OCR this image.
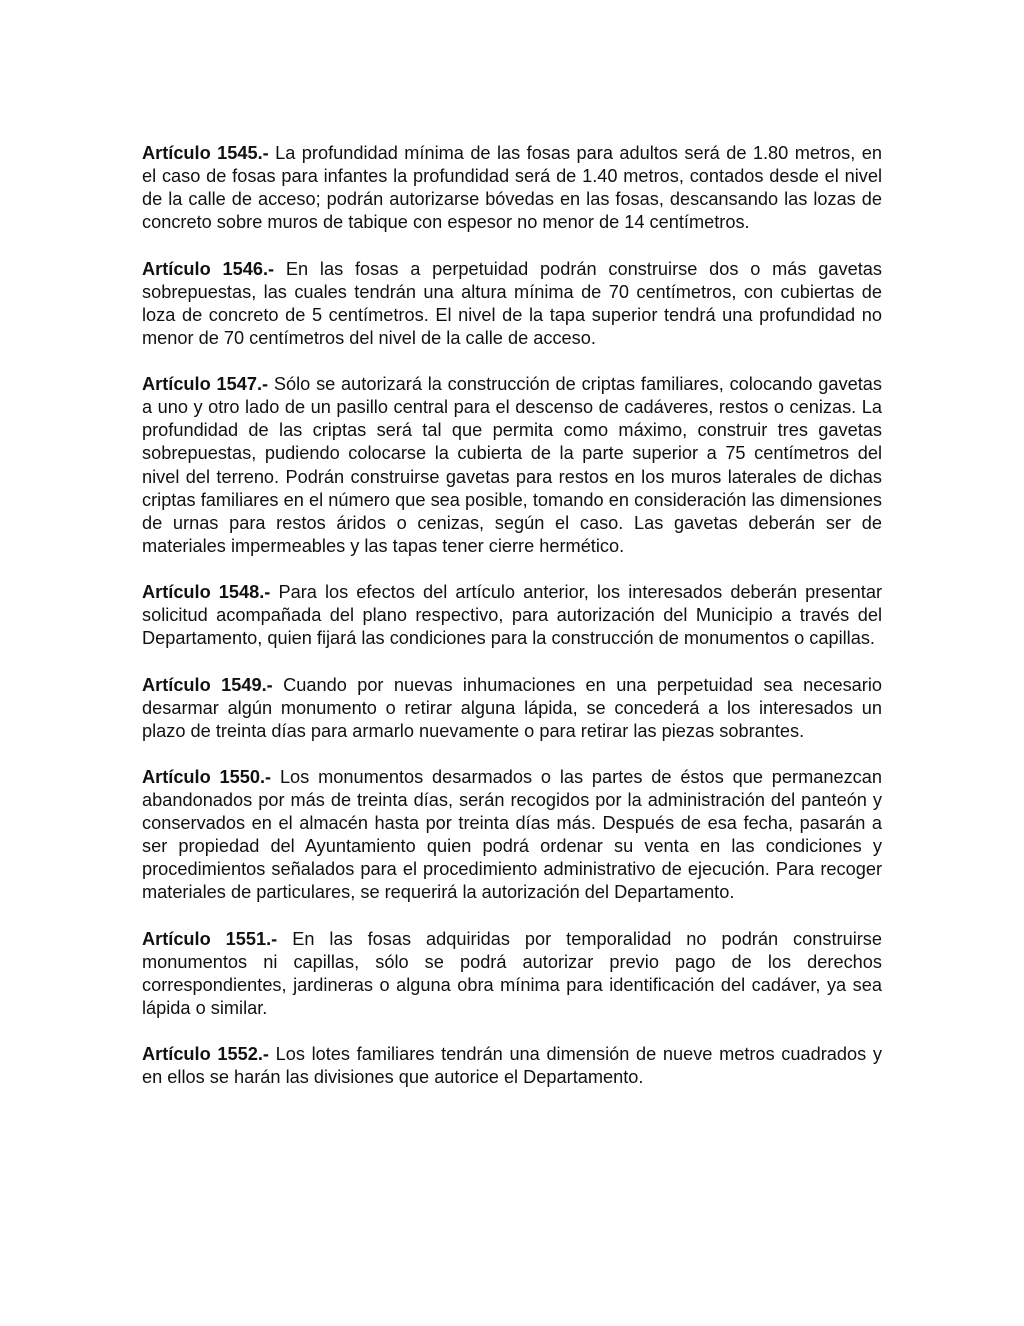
Artículo 1545.- La profundidad mínima de las fosas para adultos será de 1.80 metros, en el caso de fosas para infantes la profundidad será de 1.40 metros, contados desde el nivel de la calle de acceso; podrán autorizarse bóvedas en las fosas, descansando las lozas de concreto sobre muros de tabique con espesor no menor de 14 centímetros.

Artículo 1546.- En las fosas a perpetuidad podrán construirse dos o más gavetas sobrepuestas, las cuales tendrán una altura mínima de 70 centímetros, con cubiertas de loza de concreto de 5 centímetros. El nivel de la tapa superior tendrá una profundidad no menor de 70 centímetros del nivel de la calle de acceso.

Artículo 1547.- Sólo se autorizará la construcción de criptas familiares, colocando gavetas a uno y otro lado de un pasillo central para el descenso de cadáveres, restos o cenizas. La profundidad de las criptas será tal que permita como máximo, construir tres gavetas sobrepuestas, pudiendo colocarse la cubierta de la parte superior a 75 centímetros del nivel del terreno. Podrán construirse gavetas para restos en los muros laterales de dichas criptas familiares en el número que sea posible, tomando en consideración las dimensiones de urnas para restos áridos o cenizas, según el caso. Las gavetas deberán ser de materiales impermeables y las tapas tener cierre hermético.

Artículo 1548.- Para los efectos del artículo anterior, los interesados deberán presentar solicitud acompañada del plano respectivo, para autorización del Municipio a través del Departamento, quien fijará las condiciones para la construcción de monumentos o capillas.

Artículo 1549.- Cuando por nuevas inhumaciones en una perpetuidad sea necesario desarmar algún monumento o retirar alguna lápida, se concederá a los interesados un plazo de treinta días para armarlo nuevamente o para retirar las piezas sobrantes.

Artículo 1550.- Los monumentos desarmados o las partes de éstos que permanezcan abandonados por más de treinta días, serán recogidos por la administración del panteón y conservados en el almacén hasta por treinta días más. Después de esa fecha, pasarán a ser propiedad del Ayuntamiento quien podrá ordenar su venta en las condiciones y procedimientos señalados para el procedimiento administrativo de ejecución. Para recoger materiales de particulares, se requerirá la autorización del Departamento.

Artículo 1551.- En las fosas adquiridas por temporalidad no podrán construirse monumentos ni capillas, sólo se podrá autorizar previo pago de los derechos correspondientes, jardineras o alguna obra mínima para identificación del cadáver, ya sea lápida o similar.

Artículo 1552.- Los lotes familiares tendrán una dimensión de nueve metros cuadrados y en ellos se harán las divisiones que autorice el Departamento.
